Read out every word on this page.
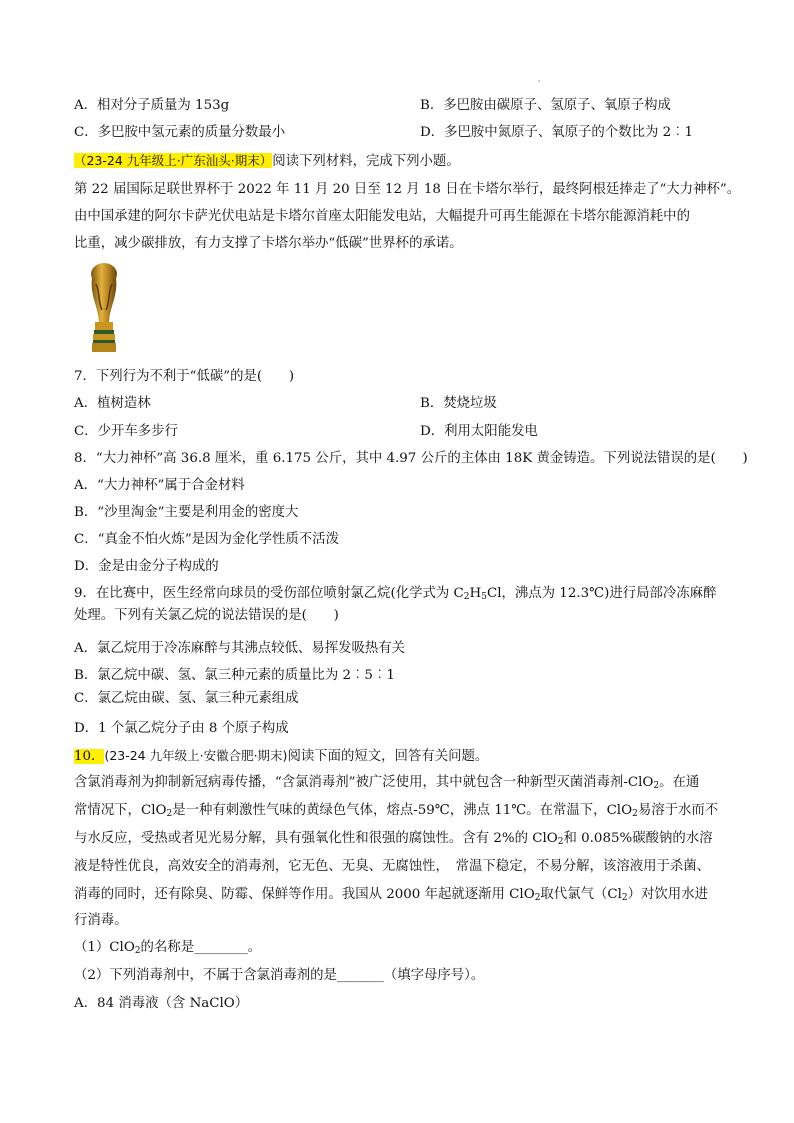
A．相对分子质量为 153g	B．多巴胺由碳原子、氢原子、氧原子构成
C．多巴胺中氢元素的质量分数最小	D．多巴胺中氮原子、氧原子的个数比为 2︰1
（23-24 九年级上·广东汕头·期末）阅读下列材料，完成下列小题。
第 22 届国际足联世界杯于 2022 年 11 月 20 日至 12 月 18 日在卡塔尔举行，最终阿根廷捧走了“大力神杯”。
由中国承建的阿尔卡萨光伏电站是卡塔尔首座太阳能发电站，大幅提升可再生能源在卡塔尔能源消耗中的
比重，减少碳排放，有力支撑了卡塔尔举办“低碳”世界杯的承诺。
7．下列行为不利于“低碳”的是(　　)
A．植树造林	B．焚烧垃圾
C．少开车多步行	D．利用太阳能发电
8．“大力神杯”高 36.8 厘米，重 6.175 公斤，其中 4.97 公斤的主体由 18K 黄金铸造。下列说法错误的是(　　)
A．“大力神杯”属于合金材料
B．“沙里淘金”主要是利用金的密度大
C．“真金不怕火炼”是因为金化学性质不活泼
D．金是由金分子构成的
9．在比赛中，医生经常向球员的受伤部位喷射氯乙烷(化学式为 $C_2H_5Cl$，沸点为 12.3℃)进行局部冷冻麻醉
处理。下列有关氯乙烷的说法错误的是(　　)
A．氯乙烷用于冷冻麻醉与其沸点较低、易挥发吸热有关
B．氯乙烷中碳、氢、氯三种元素的质量比为 2︰5︰1
C．氯乙烷由碳、氢、氯三种元素组成
D．1 个氯乙烷分子由 8 个原子构成
10．(23-24 九年级上·安徽合肥·期末)阅读下面的短文，回答有关问题。
含氯消毒剂为抑制新冠病毒传播，“含氯消毒剂”被广泛使用，其中就包含一种新型灭菌消毒剂-ClO$_2$。在通
常情况下，ClO$_2$是一种有刺激性气味的黄绿色气体，熔点-59℃，沸点 11℃。在常温下，ClO$_2$易溶于水而不
与水反应，受热或者见光易分解，具有强氧化性和很强的腐蚀性。含有 2%的 ClO$_2$和 0.085%碳酸钠的水溶
液是特性优良，高效安全的消毒剂，它无色、无臭、无腐蚀性，　常温下稳定，不易分解，该溶液用于杀菌、
消毒的同时，还有除臭、防霉、保鲜等作用。我国从 2000 年起就逐渐用 ClO$_2$取代氯气$(Cl_2)$对饮用水进
行消毒。
（1）ClO$_2$的名称是________。
（2）下列消毒剂中，不属于含氯消毒剂的是_______（填字母序号）。
A．84 消毒液（含 NaClO）
